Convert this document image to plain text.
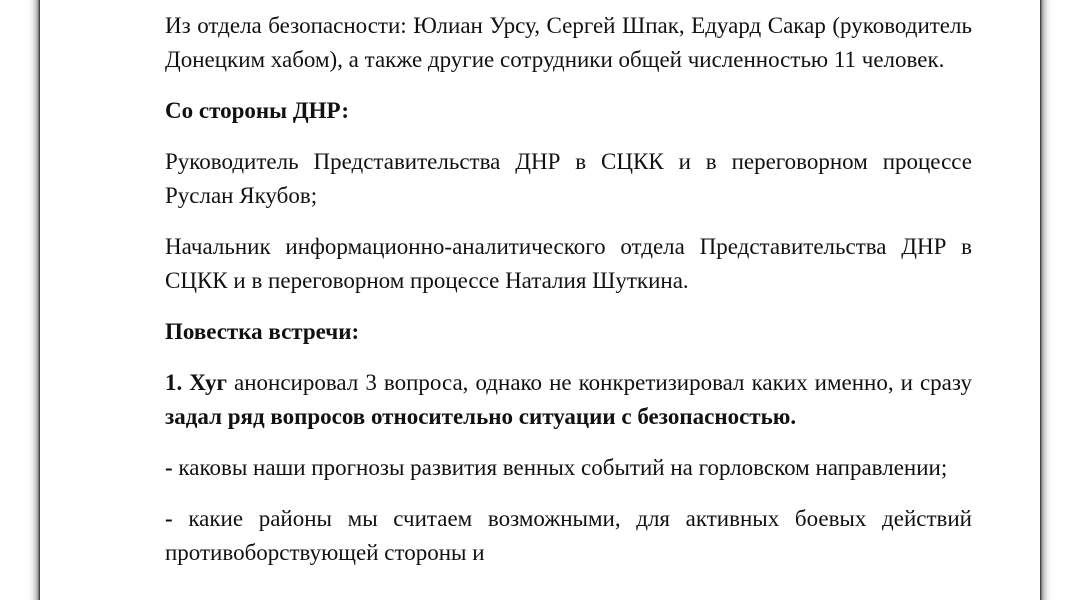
Из отдела безопасности: Юлиан Урсу, Сергей Шпак, Едуард Сакар (руководитель Донецким хабом), а также другие сотрудники общей численностью 11 человек.

Со стороны ДНР:

Руководитель Представительства ДНР в СЦКК и в переговорном процессе Руслан Якубов;

Начальник информационно-аналитического отдела Представительства ДНР в СЦКК и в переговорном процессе Наталия Шуткина.

Повестка встречи:

1. Хуг анонсировал 3 вопроса, однако не конкретизировал каких именно, и сразу задал ряд вопросов относительно ситуации с безопасностью.

- каковы наши прогнозы развития венных событий на горловском направлении;

- какие районы мы считаем возможными, для активных боевых действий противоборствующей стороны и
